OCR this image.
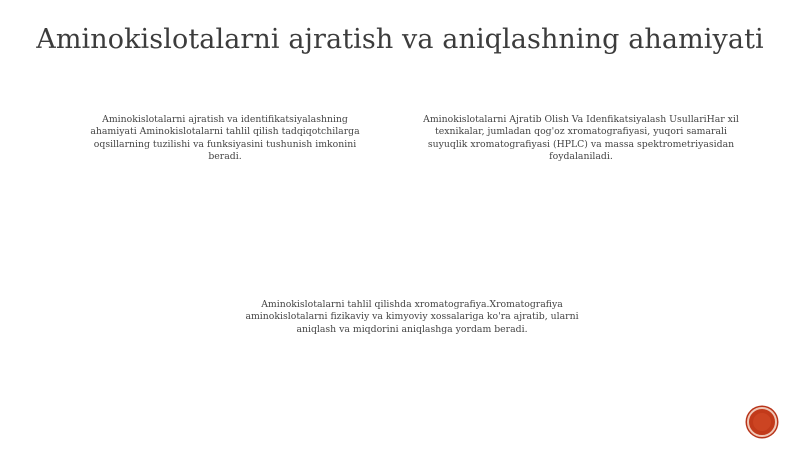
Aminokislotalarni ajratish va aniqlashning ahamiyati
Aminokislotalarni ajratish va identifikatsiyalashning ahamiyati Aminokislotalarni tahlil qilish tadqiqotchilarga oqsillarning tuzilishi va funksiyasini tushunish imkonini beradi.
Aminokislotalarni Ajratib Olish Va Idenfikatsiyalash UsullariHar xil texnikalar, jumladan qog'oz xromatografiyasi, yuqori samarali suyuqlik xromatografiyasi (HPLC) va massa spektrometriyasidan foydalaniladi.
Aminokislotalarni tahlil qilishda xromatografiya.Xromatografiya aminokislotalarni fizikaviy va kimyoviy xossalariga ko'ra ajratib, ularni aniqlash va miqdorini aniqlashga yordam beradi.
